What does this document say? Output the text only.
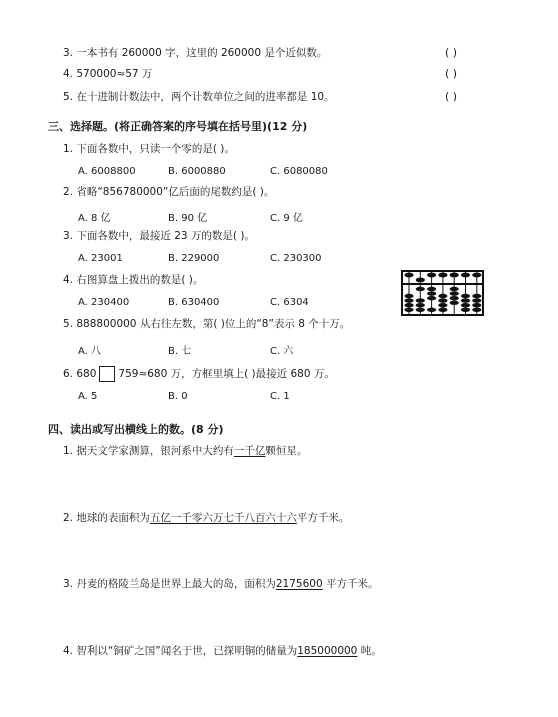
3. 一本书有 260000 字，这里的 260000 是个近似数。	( )
4. 570000≈57 万	( )
5. 在十进制计数法中，两个计数单位之间的进率都是 10。	( )
三、选择题。(将正确答案的序号填在括号里)(12 分)
1. 下面各数中，只读一个零的是( )。
A. 6008800	B. 6000880	C. 6080080
2. 省略“856780000”亿后面的尾数约是( )。
A. 8 亿	B. 90 亿	C. 9 亿
3. 下面各数中，最接近 23 万的数是( )。
A. 23001	B. 229000	C. 230300
4. 右图算盘上拨出的数是( )。
A. 230400	B. 630400	C. 6304
5. 888800000 从右往左数，第( )位上的“8”表示 8 个十万。
A. 八	B. 七	C. 六
6. 680 759≈680 万，方框里填上( )最接近 680 万。
A. 5	B. 0	C. 1
四、读出或写出横线上的数。(8 分)
1. 据天文学家测算，银河系中大约有一千亿颗恒星。
2. 地球的表面积为五亿一千零六万七千八百六十六平方千米。
3. 丹麦的格陵兰岛是世界上最大的岛，面积为2175600 平方千米。
4. 智利以“铜矿之国”闻名于世，已探明铜的储量为185000000 吨。
